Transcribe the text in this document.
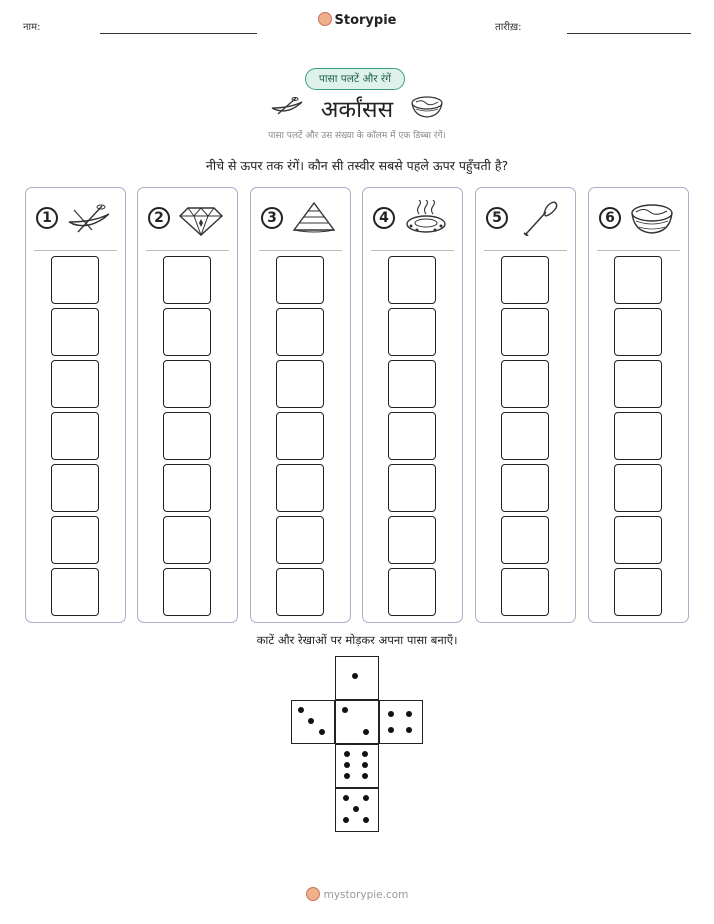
नाम:	Storypie	तारीख़:
पासा पलटें और रंगें
अर्कांसस
पासा पलटें और उस संख्या के कॉलम में एक डिब्बा रंगें।
नीचे से ऊपर तक रंगें। कौन सी तस्वीर सबसे पहले ऊपर पहुँचती है?
1	2	3	4	5	6
काटें और रेखाओं पर मोड़कर अपना पासा बनाएँ।
mystorypie.com
